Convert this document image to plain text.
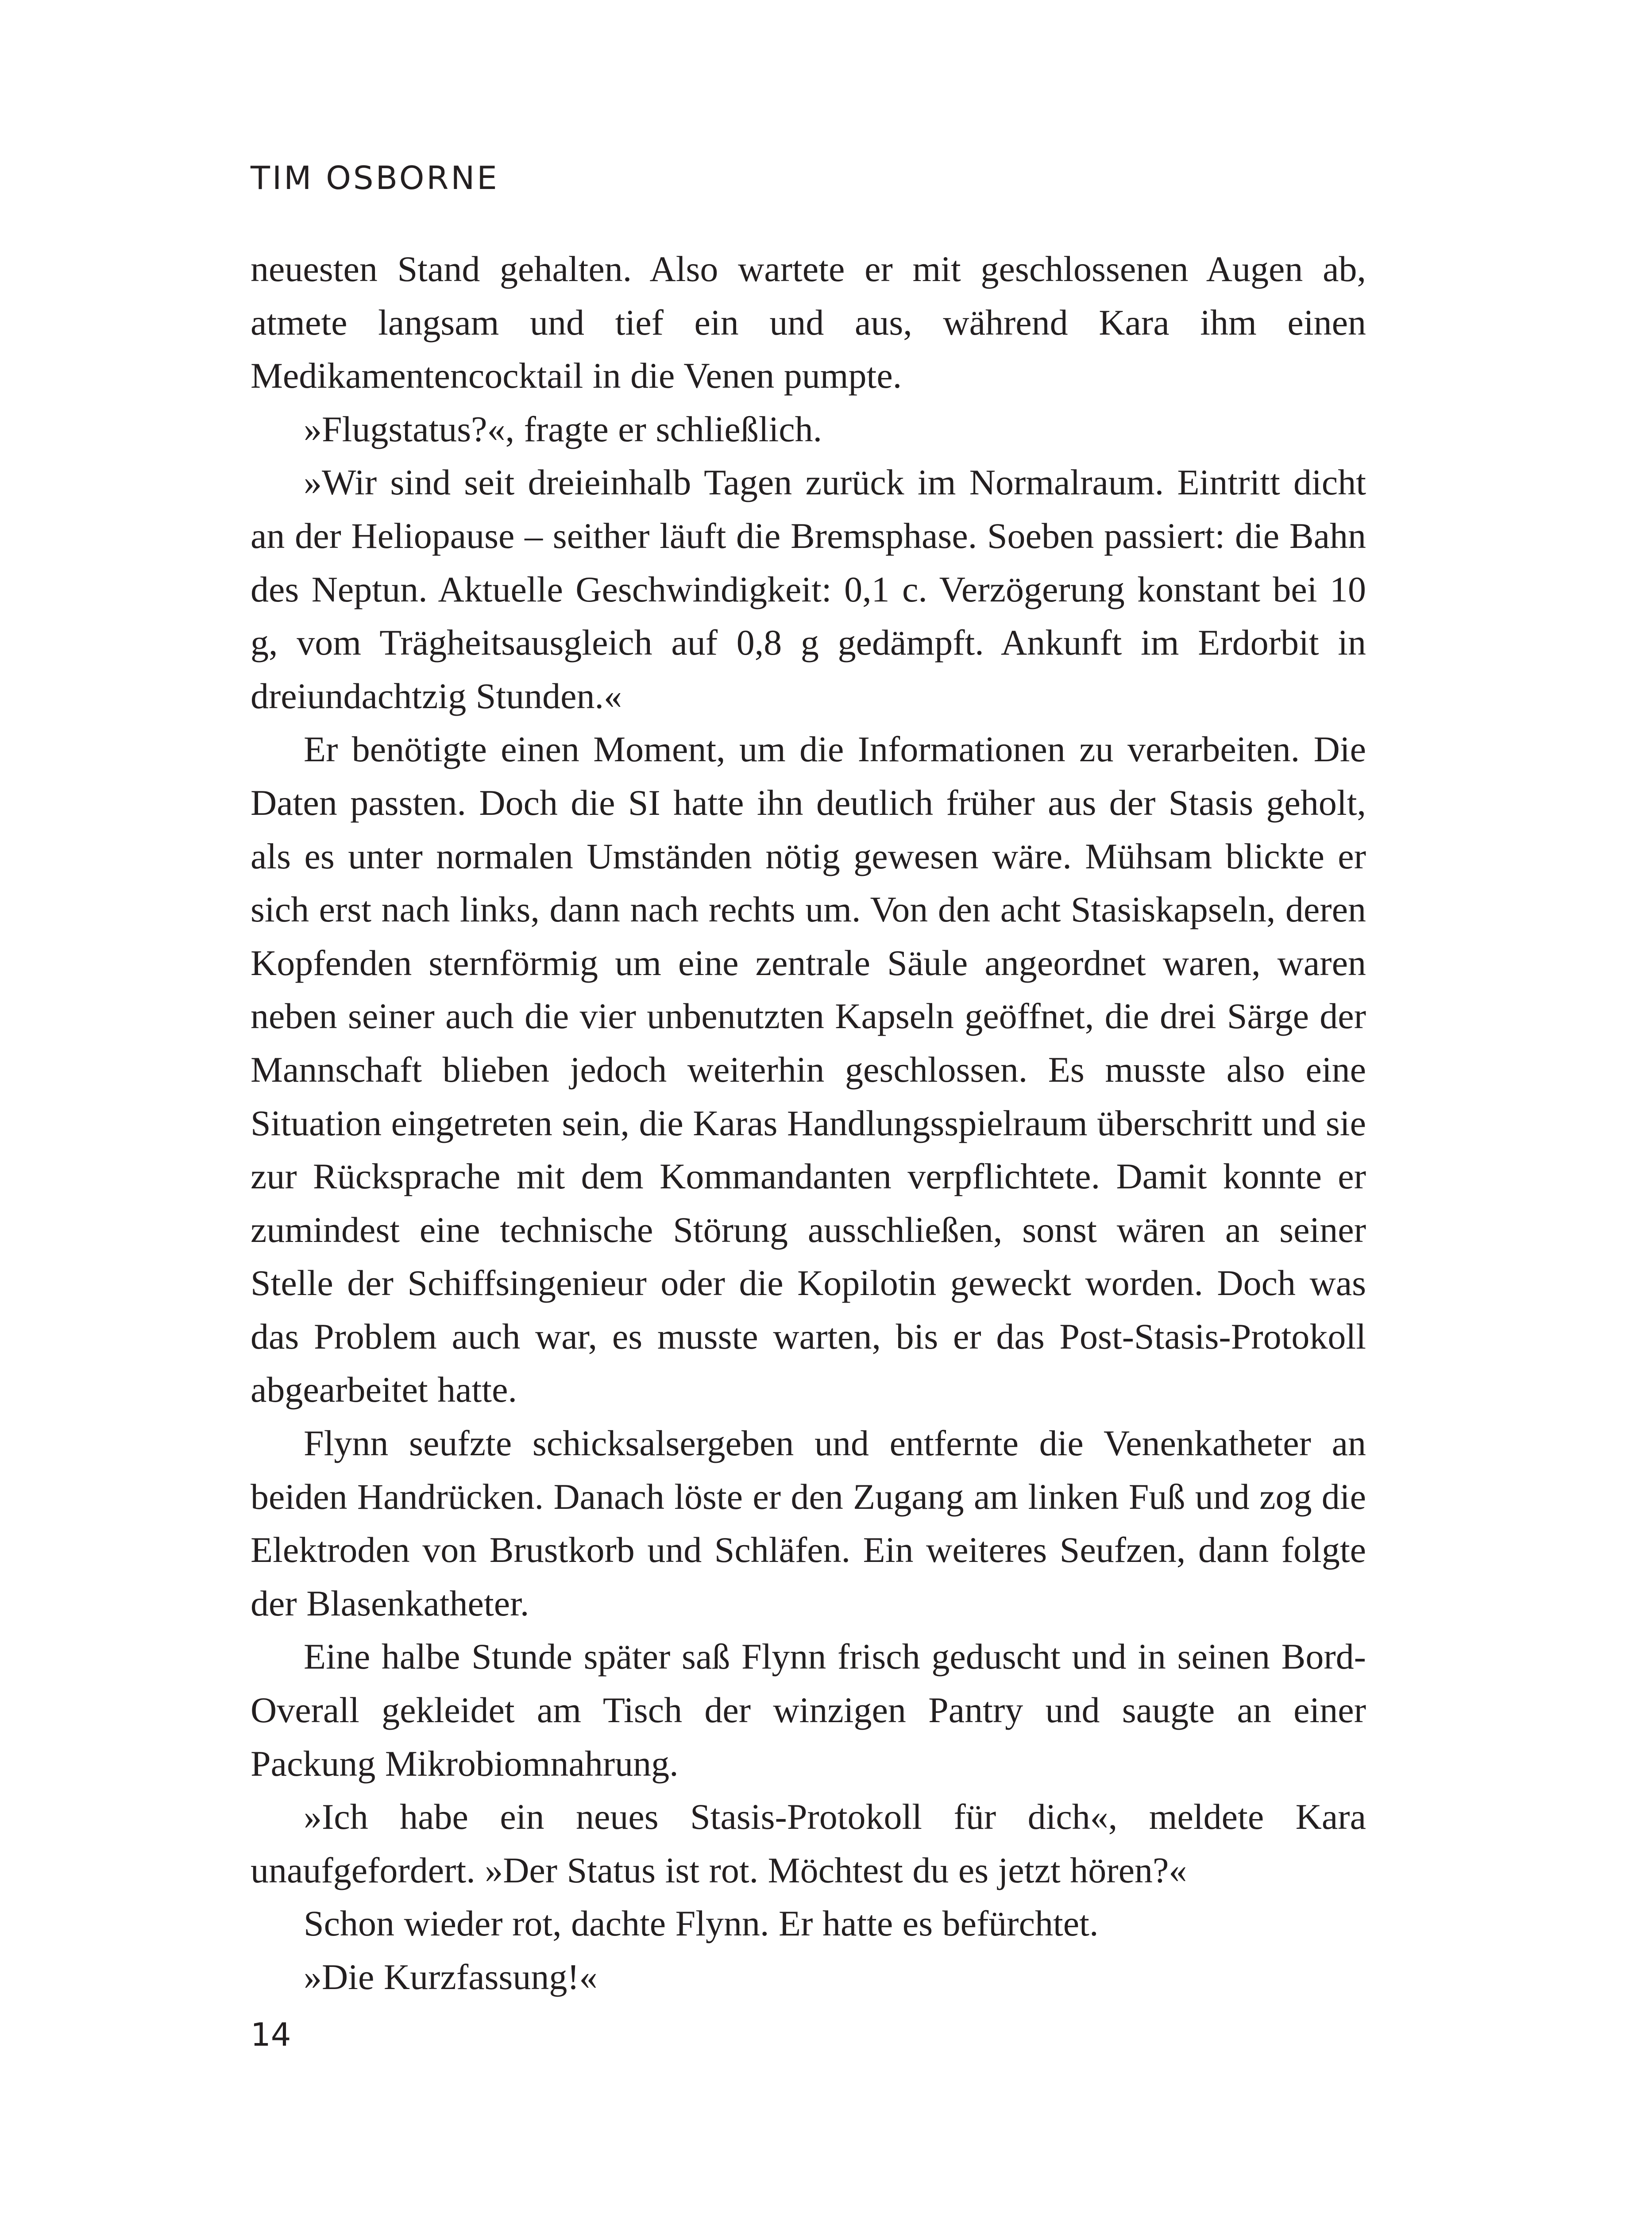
TIM OSBORNE

neuesten Stand gehalten. Also wartete er mit geschlossenen Augen ab, atmete langsam und tief ein und aus, während Kara ihm einen Medikamentencocktail in die Venen pumpte.

»Flugstatus?«, fragte er schließlich.

»Wir sind seit dreieinhalb Tagen zurück im Normalraum. Eintritt dicht an der Heliopause – seither läuft die Bremsphase. Soeben passiert: die Bahn des Neptun. Aktuelle Geschwindigkeit: 0,1 c. Verzögerung konstant bei 10 g, vom Trägheitsausgleich auf 0,8 g gedämpft. Ankunft im Erdorbit in dreiundachtzig Stunden.«

Er benötigte einen Moment, um die Informationen zu verarbeiten. Die Daten passten. Doch die SI hatte ihn deutlich früher aus der Stasis geholt, als es unter normalen Umständen nötig gewesen wäre. Mühsam blickte er sich erst nach links, dann nach rechts um. Von den acht Stasiskapseln, deren Kopfenden sternförmig um eine zentrale Säule angeordnet waren, waren neben seiner auch die vier unbenutzten Kapseln geöffnet, die drei Särge der Mannschaft blieben jedoch weiterhin geschlossen. Es musste also eine Situation eingetreten sein, die Karas Handlungsspielraum überschritt und sie zur Rücksprache mit dem Kommandanten verpflichtete. Damit konnte er zumindest eine technische Störung ausschließen, sonst wären an seiner Stelle der Schiffsingenieur oder die Kopilotin geweckt worden. Doch was das Problem auch war, es musste warten, bis er das Post-Stasis-Protokoll abgearbeitet hatte.

Flynn seufzte schicksalsergeben und entfernte die Venenkatheter an beiden Handrücken. Danach löste er den Zugang am linken Fuß und zog die Elektroden von Brustkorb und Schläfen. Ein weiteres Seufzen, dann folgte der Blasenkatheter.

Eine halbe Stunde später saß Flynn frisch geduscht und in seinen Bord-Overall gekleidet am Tisch der winzigen Pantry und saugte an einer Packung Mikrobiomnahrung.

»Ich habe ein neues Stasis-Protokoll für dich«, meldete Kara unaufgefordert. »Der Status ist rot. Möchtest du es jetzt hören?«

Schon wieder rot, dachte Flynn. Er hatte es befürchtet.

»Die Kurzfassung!«

14
